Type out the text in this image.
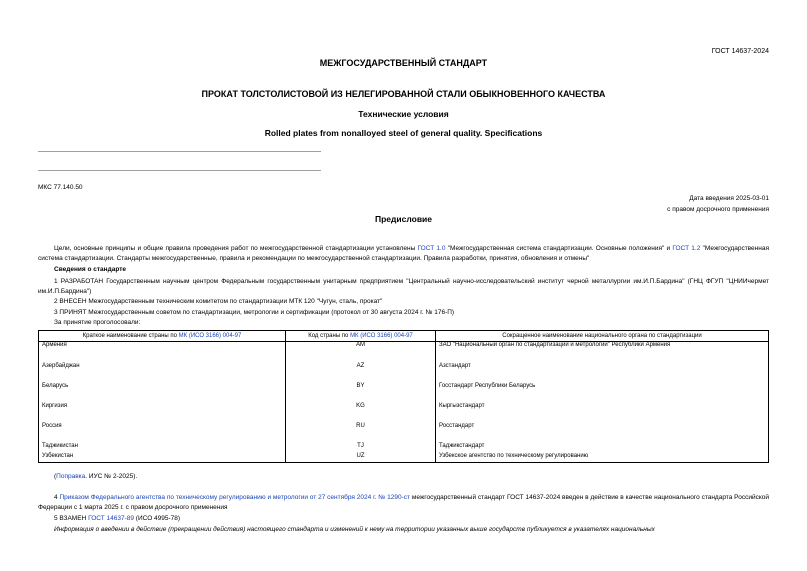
ГОСТ 14637-2024
МЕЖГОСУДАРСТВЕННЫЙ СТАНДАРТ
ПРОКАТ ТОЛСТОЛИСТОВОЙ ИЗ НЕЛЕГИРОВАННОЙ СТАЛИ ОБЫКНОВЕННОГО КАЧЕСТВА
Технические условия
Rolled plates from nonalloyed steel of general quality. Specifications
МКС 77.140.50
Дата введения 2025-03-01
с правом досрочного применения
Предисловие
Цели, основные принципы и общие правила проведения работ по межгосударственной стандартизации установлены ГОСТ 1.0 "Межгосударственная система стандартизации. Основные положения" и ГОСТ 1.2 "Межгосударственная система стандартизации. Стандарты межгосударственные, правила и рекомендации по межгосударственной стандартизации. Правила разработки, принятия, обновления и отмены"
Сведения о стандарте
1 РАЗРАБОТАН Государственным научным центром Федеральным государственным унитарным предприятием "Центральный научно-исследовательский институт черной металлургии им.И.П.Бардина" (ГНЦ ФГУП "ЦНИИчермет им.И.П.Бардина")
2 ВНЕСЕН Межгосударственным техническим комитетом по стандартизации МТК 120 "Чугун, сталь, прокат"
3 ПРИНЯТ Межгосударственным советом по стандартизации, метрологии и сертификации (протокол от 30 августа 2024 г. № 176-П)
За принятие проголосовали:
Краткое наименование страны по МК (ИСО 3166) 004-97	Код страны по МК (ИСО 3166) 004-97	Сокращенное наименование национального органа по стандартизации
Армения	AM	ЗАО "Национальный орган по стандартизации и метрологии" Республики Армения
Азербайджан	AZ	Азстандарт
Беларусь	BY	Госстандарт Республики Беларусь
Киргизия	KG	Кыргызстандарт
Россия	RU	Росстандарт
Таджикистан	TJ	Таджикстандарт
Узбекистан	UZ	Узбекское агентство по техническому регулированию
(Поправка. ИУС № 2-2025).
4 Приказом Федерального агентства по техническому регулированию и метрологии от 27 сентября 2024 г. № 1290-ст межгосударственный стандарт ГОСТ 14637-2024 введен в действие в качестве национального стандарта Российской Федерации с 1 марта 2025 г. с правом досрочного применения
5 ВЗАМЕН ГОСТ 14637-89 (ИСО 4995-78)
Информация о введении в действие (прекращении действия) настоящего стандарта и изменений к нему на территории указанных выше государств публикуется в указателях национальных
